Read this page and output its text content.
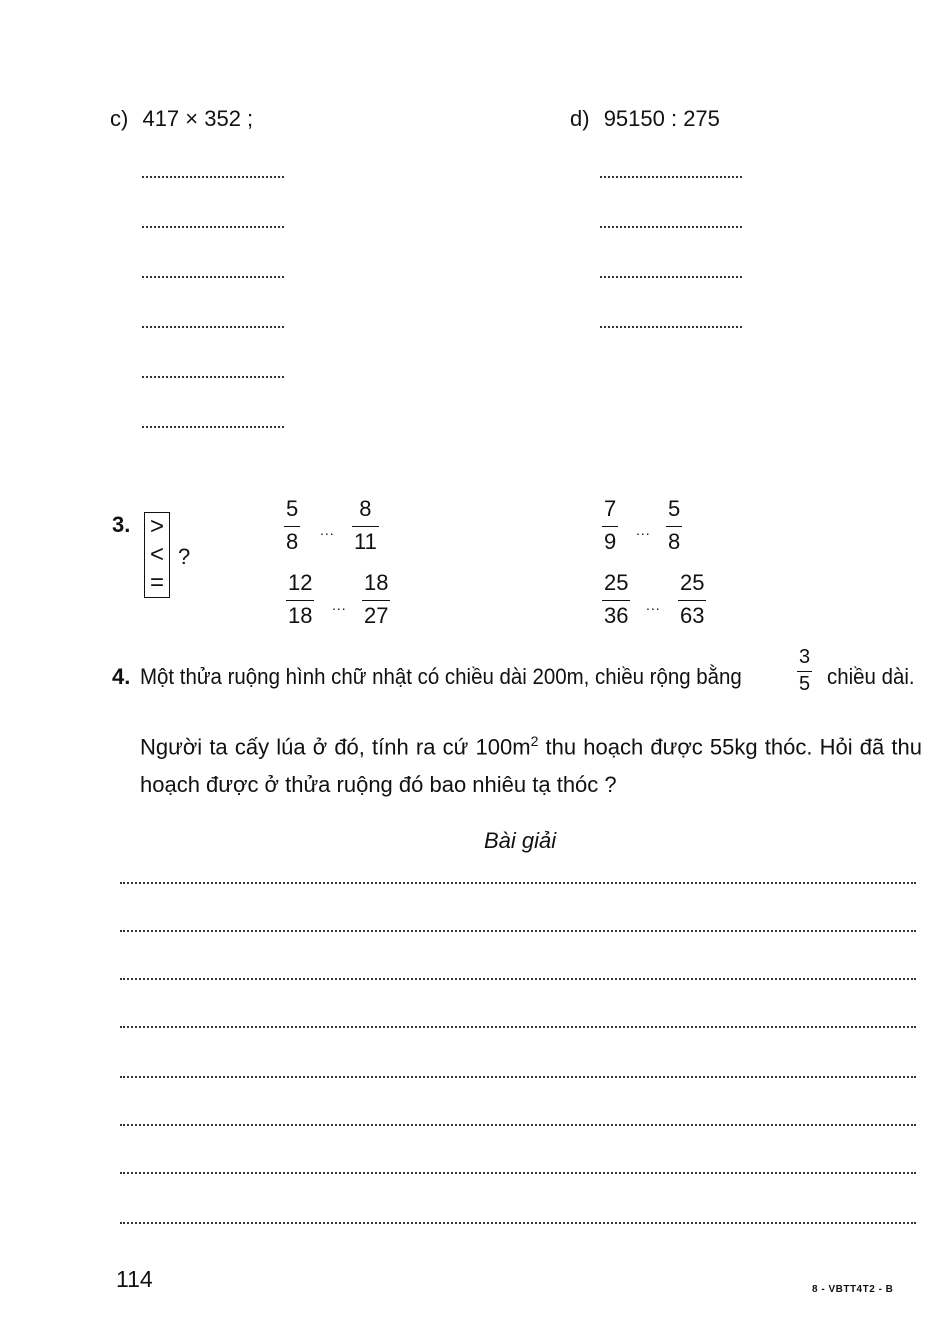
c) 417 × 352 ;	d) 95150 : 275
3. >
<
=
?
5
8 ...
8
11
7
9 ...
5
8
12
18 ...
18
27
25
36 ...
25
63
4. Một thửa ruộng hình chữ nhật có chiều dài 200m, chiều rộng bằng
3
5 chiều dài.
Người ta cấy lúa ở đó, tính ra cứ $100m^2$ thu hoạch được 55kg thóc. Hỏi đã thu
hoạch được ở thửa ruộng đó bao nhiêu tạ thóc ?
Bài giải
114	8 - VBTT4T2 - B
